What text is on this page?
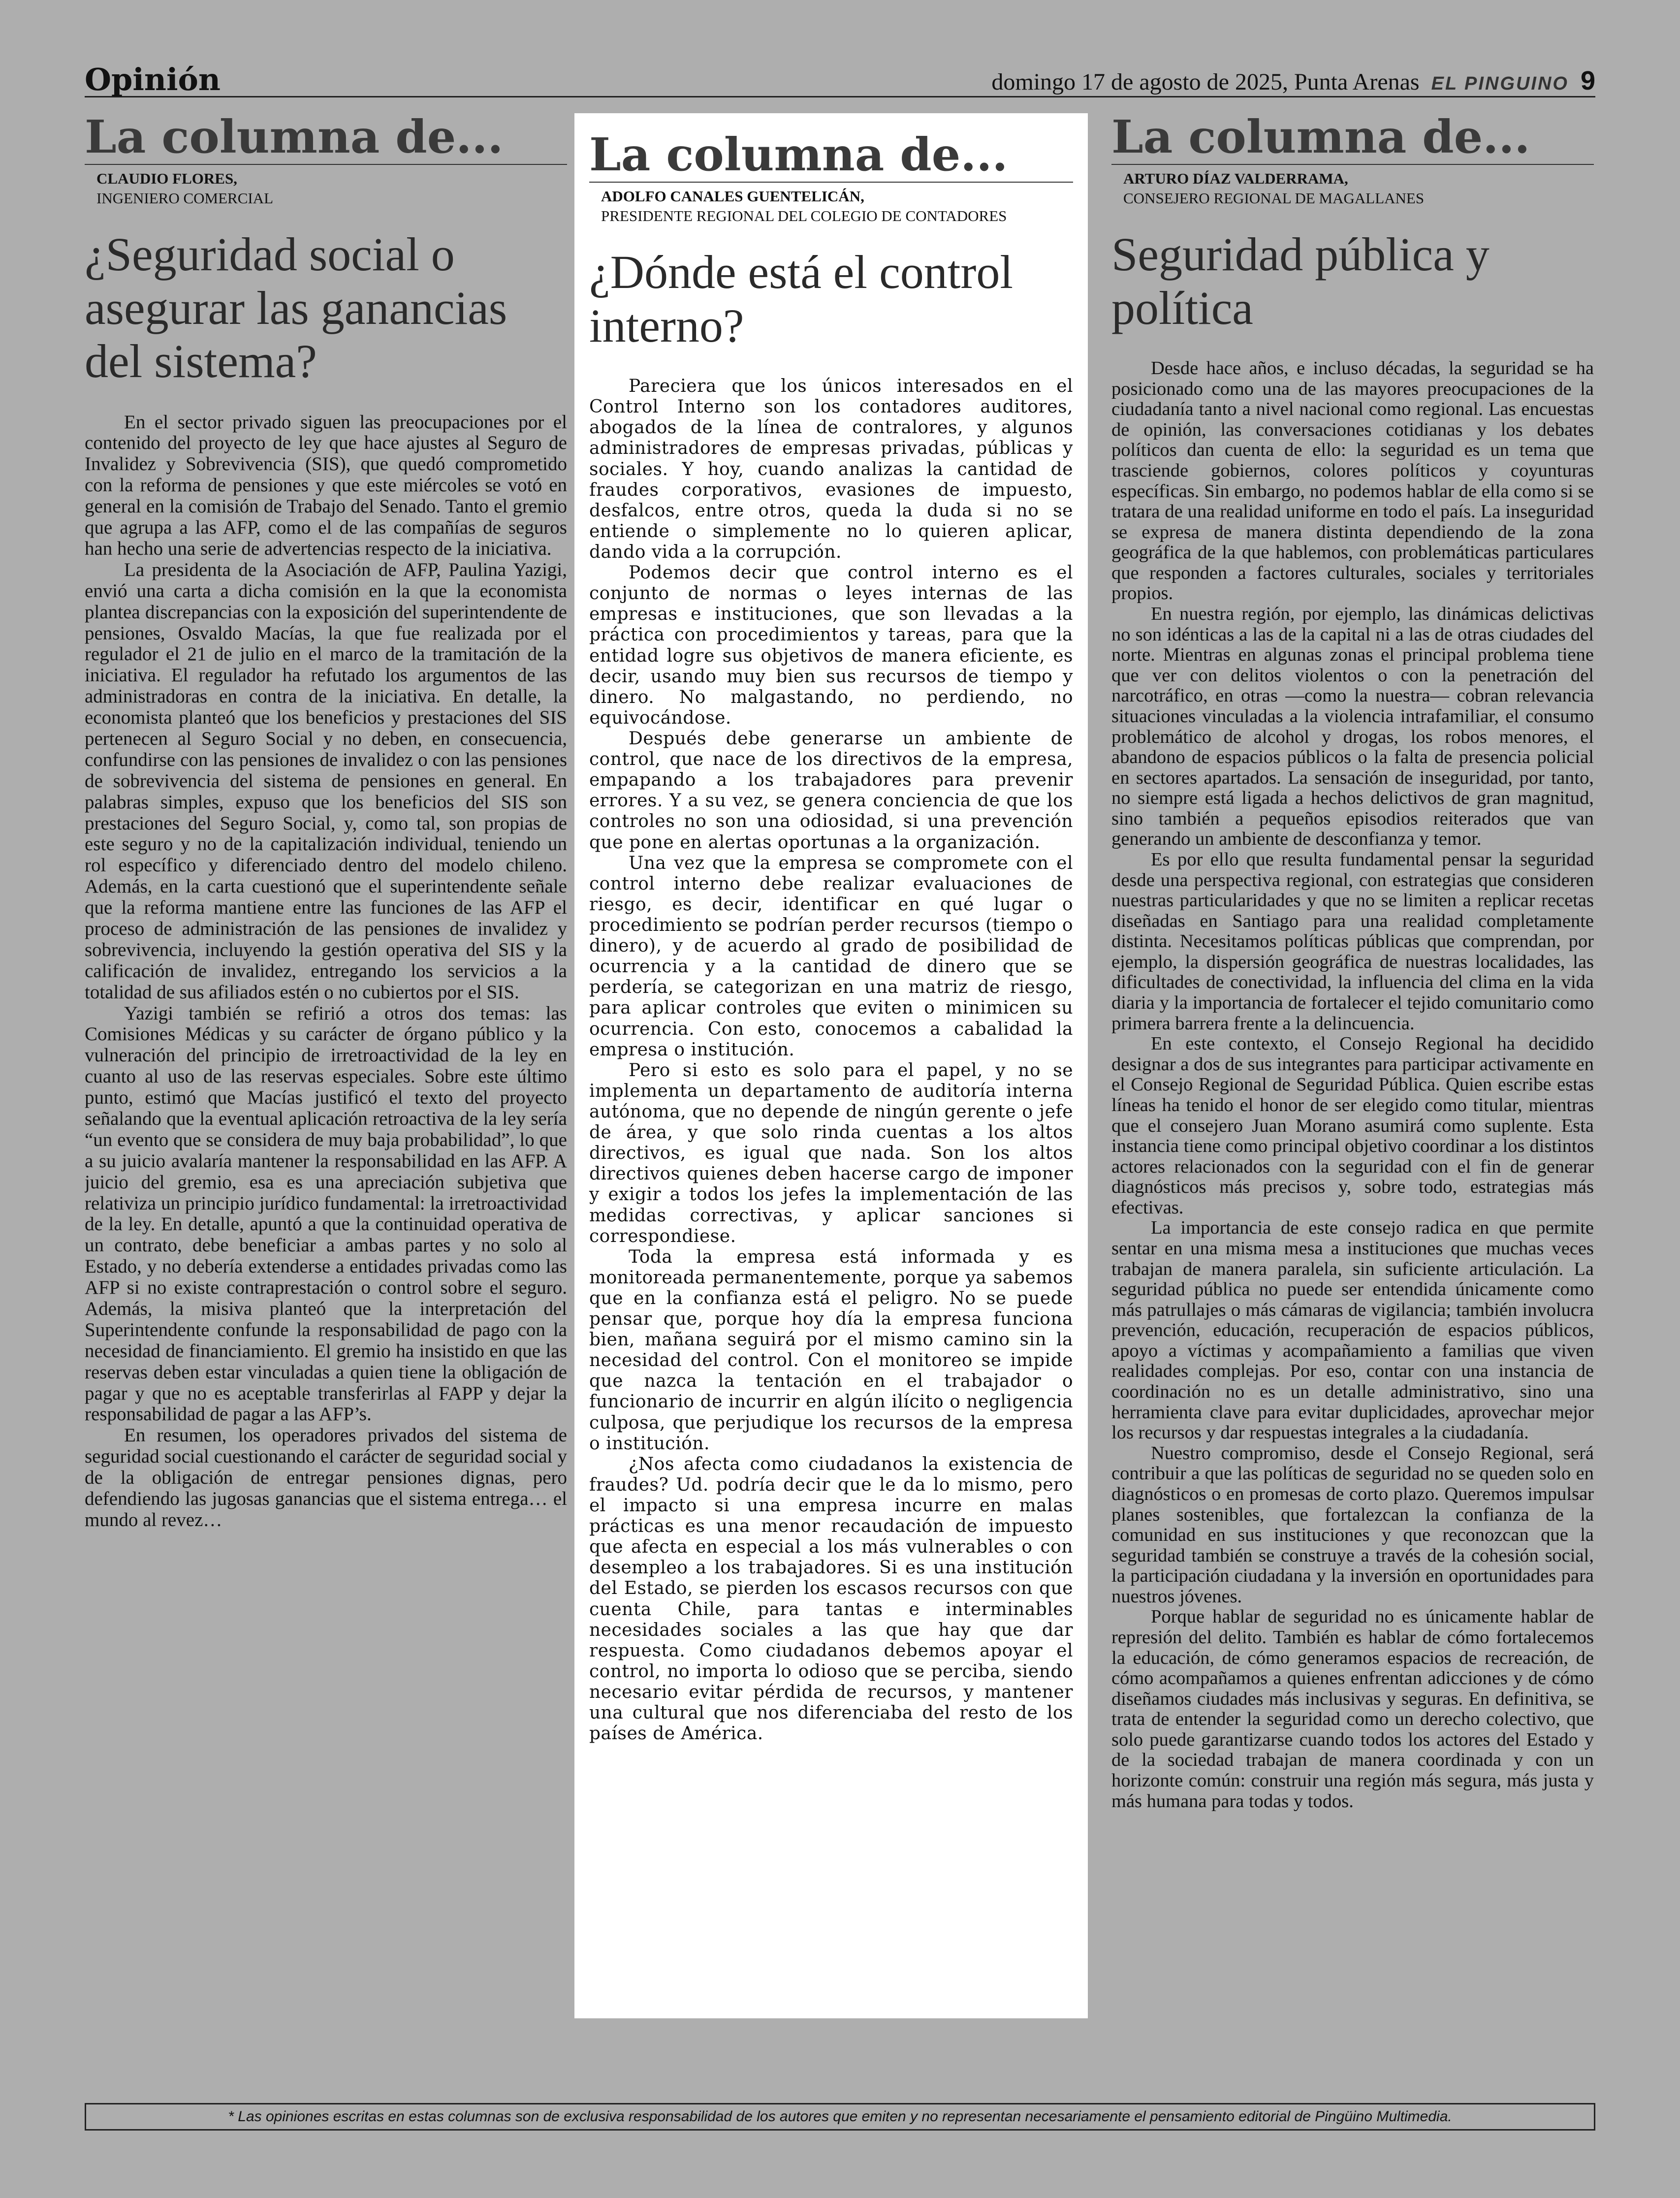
Opinión	domingo 17 de agosto de 2025, Punta Arenas EL PINGUINO 9
La columna de...
CLAUDIO FLORES,
INGENIERO COMERCIAL
¿Seguridad social o asegurar las ganancias del sistema?

En el sector privado siguen las preocupaciones por el contenido del proyecto de ley que hace ajustes al Seguro de Invalidez y Sobrevivencia (SIS), que quedó comprometido con la reforma de pensiones y que este miércoles se votó en general en la comisión de Trabajo del Senado. Tanto el gremio que agrupa a las AFP, como el de las compañías de seguros han hecho una serie de advertencias respecto de la iniciativa.

La presidenta de la Asociación de AFP, Paulina Yazigi, envió una carta a dicha comisión en la que la economista plantea discrepancias con la exposición del superintendente de pensiones, Osvaldo Macías, la que fue realizada por el regulador el 21 de julio en el marco de la tramitación de la iniciativa. El regulador ha refutado los argumentos de las administradoras en contra de la iniciativa. En detalle, la economista planteó que los beneficios y prestaciones del SIS pertenecen al Seguro Social y no deben, en consecuencia, confundirse con las pensiones de invalidez o con las pensiones de sobrevivencia del sistema de pensiones en general. En palabras simples, expuso que los beneficios del SIS son prestaciones del Seguro Social, y, como tal, son propias de este seguro y no de la capitalización individual, teniendo un rol específico y diferenciado dentro del modelo chileno. Además, en la carta cuestionó que el superintendente señale que la reforma mantiene entre las funciones de las AFP el proceso de administración de las pensiones de invalidez y sobrevivencia, incluyendo la gestión operativa del SIS y la calificación de invalidez, entregando los servicios a la totalidad de sus afiliados estén o no cubiertos por el SIS.

Yazigi también se refirió a otros dos temas: las Comisiones Médicas y su carácter de órgano público y la vulneración del principio de irretroactividad de la ley en cuanto al uso de las reservas especiales. Sobre este último punto, estimó que Macías justificó el texto del proyecto señalando que la eventual aplicación retroactiva de la ley sería “un evento que se considera de muy baja probabilidad”, lo que a su juicio avalaría mantener la responsabilidad en las AFP. A juicio del gremio, esa es una apreciación subjetiva que relativiza un principio jurídico fundamental: la irretroactividad de la ley. En detalle, apuntó a que la continuidad operativa de un contrato, debe beneficiar a ambas partes y no solo al Estado, y no debería extenderse a entidades privadas como las AFP si no existe contraprestación o control sobre el seguro. Además, la misiva planteó que la interpretación del Superintendente confunde la responsabilidad de pago con la necesidad de financiamiento. El gremio ha insistido en que las reservas deben estar vinculadas a quien tiene la obligación de pagar y que no es aceptable transferirlas al FAPP y dejar la responsabilidad de pagar a las AFP’s.

En resumen, los operadores privados del sistema de seguridad social cuestionando el carácter de seguridad social y de la obligación de entregar pensiones dignas, pero defendiendo las jugosas ganancias que el sistema entrega… el mundo al revez…

La columna de...
ADOLFO CANALES GUENTELICÁN,
PRESIDENTE REGIONAL DEL COLEGIO DE CONTADORES
¿Dónde está el control interno?

Pareciera que los únicos interesados en el Control Interno son los contadores auditores, abogados de la línea de contralores, y algunos administradores de empresas privadas, públicas y sociales. Y hoy, cuando analizas la cantidad de fraudes corporativos, evasiones de impuesto, desfalcos, entre otros, queda la duda si no se entiende o simplemente no lo quieren aplicar, dando vida a la corrupción.

Podemos decir que control interno es el conjunto de normas o leyes internas de las empresas e instituciones, que son llevadas a la práctica con procedimientos y tareas, para que la entidad logre sus objetivos de manera eficiente, es decir, usando muy bien sus recursos de tiempo y dinero. No malgastando, no perdiendo, no equivocándose.

Después debe generarse un ambiente de control, que nace de los directivos de la empresa, empapando a los trabajadores para prevenir errores. Y a su vez, se genera conciencia de que los controles no son una odiosidad, si una prevención que pone en alertas oportunas a la organización.

Una vez que la empresa se compromete con el control interno debe realizar evaluaciones de riesgo, es decir, identificar en qué lugar o procedimiento se podrían perder recursos (tiempo o dinero), y de acuerdo al grado de posibilidad de ocurrencia y a la cantidad de dinero que se perdería, se categorizan en una matriz de riesgo, para aplicar controles que eviten o minimicen su ocurrencia. Con esto, conocemos a cabalidad la empresa o institución.

Pero si esto es solo para el papel, y no se implementa un departamento de auditoría interna autónoma, que no depende de ningún gerente o jefe de área, y que solo rinda cuentas a los altos directivos, es igual que nada. Son los altos directivos quienes deben hacerse cargo de imponer y exigir a todos los jefes la implementación de las medidas correctivas, y aplicar sanciones si correspondiese.

Toda la empresa está informada y es monitoreada permanentemente, porque ya sabemos que en la confianza está el peligro. No se puede pensar que, porque hoy día la empresa funciona bien, mañana seguirá por el mismo camino sin la necesidad del control. Con el monitoreo se impide que nazca la tentación en el trabajador o funcionario de incurrir en algún ilícito o negligencia culposa, que perjudique los recursos de la empresa o institución.

¿Nos afecta como ciudadanos la existencia de fraudes? Ud. podría decir que le da lo mismo, pero el impacto si una empresa incurre en malas prácticas es una menor recaudación de impuesto que afecta en especial a los más vulnerables o con desempleo a los trabajadores. Si es una institución del Estado, se pierden los escasos recursos con que cuenta Chile, para tantas e interminables necesidades sociales a las que hay que dar respuesta. Como ciudadanos debemos apoyar el control, no importa lo odioso que se perciba, siendo necesario evitar pérdida de recursos, y mantener una cultural que nos diferenciaba del resto de los países de América.

La columna de...
ARTURO DÍAZ VALDERRAMA,
CONSEJERO REGIONAL DE MAGALLANES
Seguridad pública y política

Desde hace años, e incluso décadas, la seguridad se ha posicionado como una de las mayores preocupaciones de la ciudadanía tanto a nivel nacional como regional. Las encuestas de opinión, las conversaciones cotidianas y los debates políticos dan cuenta de ello: la seguridad es un tema que trasciende gobiernos, colores políticos y coyunturas específicas. Sin embargo, no podemos hablar de ella como si se tratara de una realidad uniforme en todo el país. La inseguridad se expresa de manera distinta dependiendo de la zona geográfica de la que hablemos, con problemáticas particulares que responden a factores culturales, sociales y territoriales propios.

En nuestra región, por ejemplo, las dinámicas delictivas no son idénticas a las de la capital ni a las de otras ciudades del norte. Mientras en algunas zonas el principal problema tiene que ver con delitos violentos o con la penetración del narcotráfico, en otras —como la nuestra— cobran relevancia situaciones vinculadas a la violencia intrafamiliar, el consumo problemático de alcohol y drogas, los robos menores, el abandono de espacios públicos o la falta de presencia policial en sectores apartados. La sensación de inseguridad, por tanto, no siempre está ligada a hechos delictivos de gran magnitud, sino también a pequeños episodios reiterados que van generando un ambiente de desconfianza y temor.

Es por ello que resulta fundamental pensar la seguridad desde una perspectiva regional, con estrategias que consideren nuestras particularidades y que no se limiten a replicar recetas diseñadas en Santiago para una realidad completamente distinta. Necesitamos políticas públicas que comprendan, por ejemplo, la dispersión geográfica de nuestras localidades, las dificultades de conectividad, la influencia del clima en la vida diaria y la importancia de fortalecer el tejido comunitario como primera barrera frente a la delincuencia.

En este contexto, el Consejo Regional ha decidido designar a dos de sus integrantes para participar activamente en el Consejo Regional de Seguridad Pública. Quien escribe estas líneas ha tenido el honor de ser elegido como titular, mientras que el consejero Juan Morano asumirá como suplente. Esta instancia tiene como principal objetivo coordinar a los distintos actores relacionados con la seguridad con el fin de generar diagnósticos más precisos y, sobre todo, estrategias más efectivas.

La importancia de este consejo radica en que permite sentar en una misma mesa a instituciones que muchas veces trabajan de manera paralela, sin suficiente articulación. La seguridad pública no puede ser entendida únicamente como más patrullajes o más cámaras de vigilancia; también involucra prevención, educación, recuperación de espacios públicos, apoyo a víctimas y acompañamiento a familias que viven realidades complejas. Por eso, contar con una instancia de coordinación no es un detalle administrativo, sino una herramienta clave para evitar duplicidades, aprovechar mejor los recursos y dar respuestas integrales a la ciudadanía.

Nuestro compromiso, desde el Consejo Regional, será contribuir a que las políticas de seguridad no se queden solo en diagnósticos o en promesas de corto plazo. Queremos impulsar planes sostenibles, que fortalezcan la confianza de la comunidad en sus instituciones y que reconozcan que la seguridad también se construye a través de la cohesión social, la participación ciudadana y la inversión en oportunidades para nuestros jóvenes.

Porque hablar de seguridad no es únicamente hablar de represión del delito. También es hablar de cómo fortalecemos la educación, de cómo generamos espacios de recreación, de cómo acompañamos a quienes enfrentan adicciones y de cómo diseñamos ciudades más inclusivas y seguras. En definitiva, se trata de entender la seguridad como un derecho colectivo, que solo puede garantizarse cuando todos los actores del Estado y de la sociedad trabajan de manera coordinada y con un horizonte común: construir una región más segura, más justa y más humana para todas y todos.

* Las opiniones escritas en estas columnas son de exclusiva responsabilidad de los autores que emiten y no representan necesariamente el pensamiento editorial de Pingüino Multimedia.
